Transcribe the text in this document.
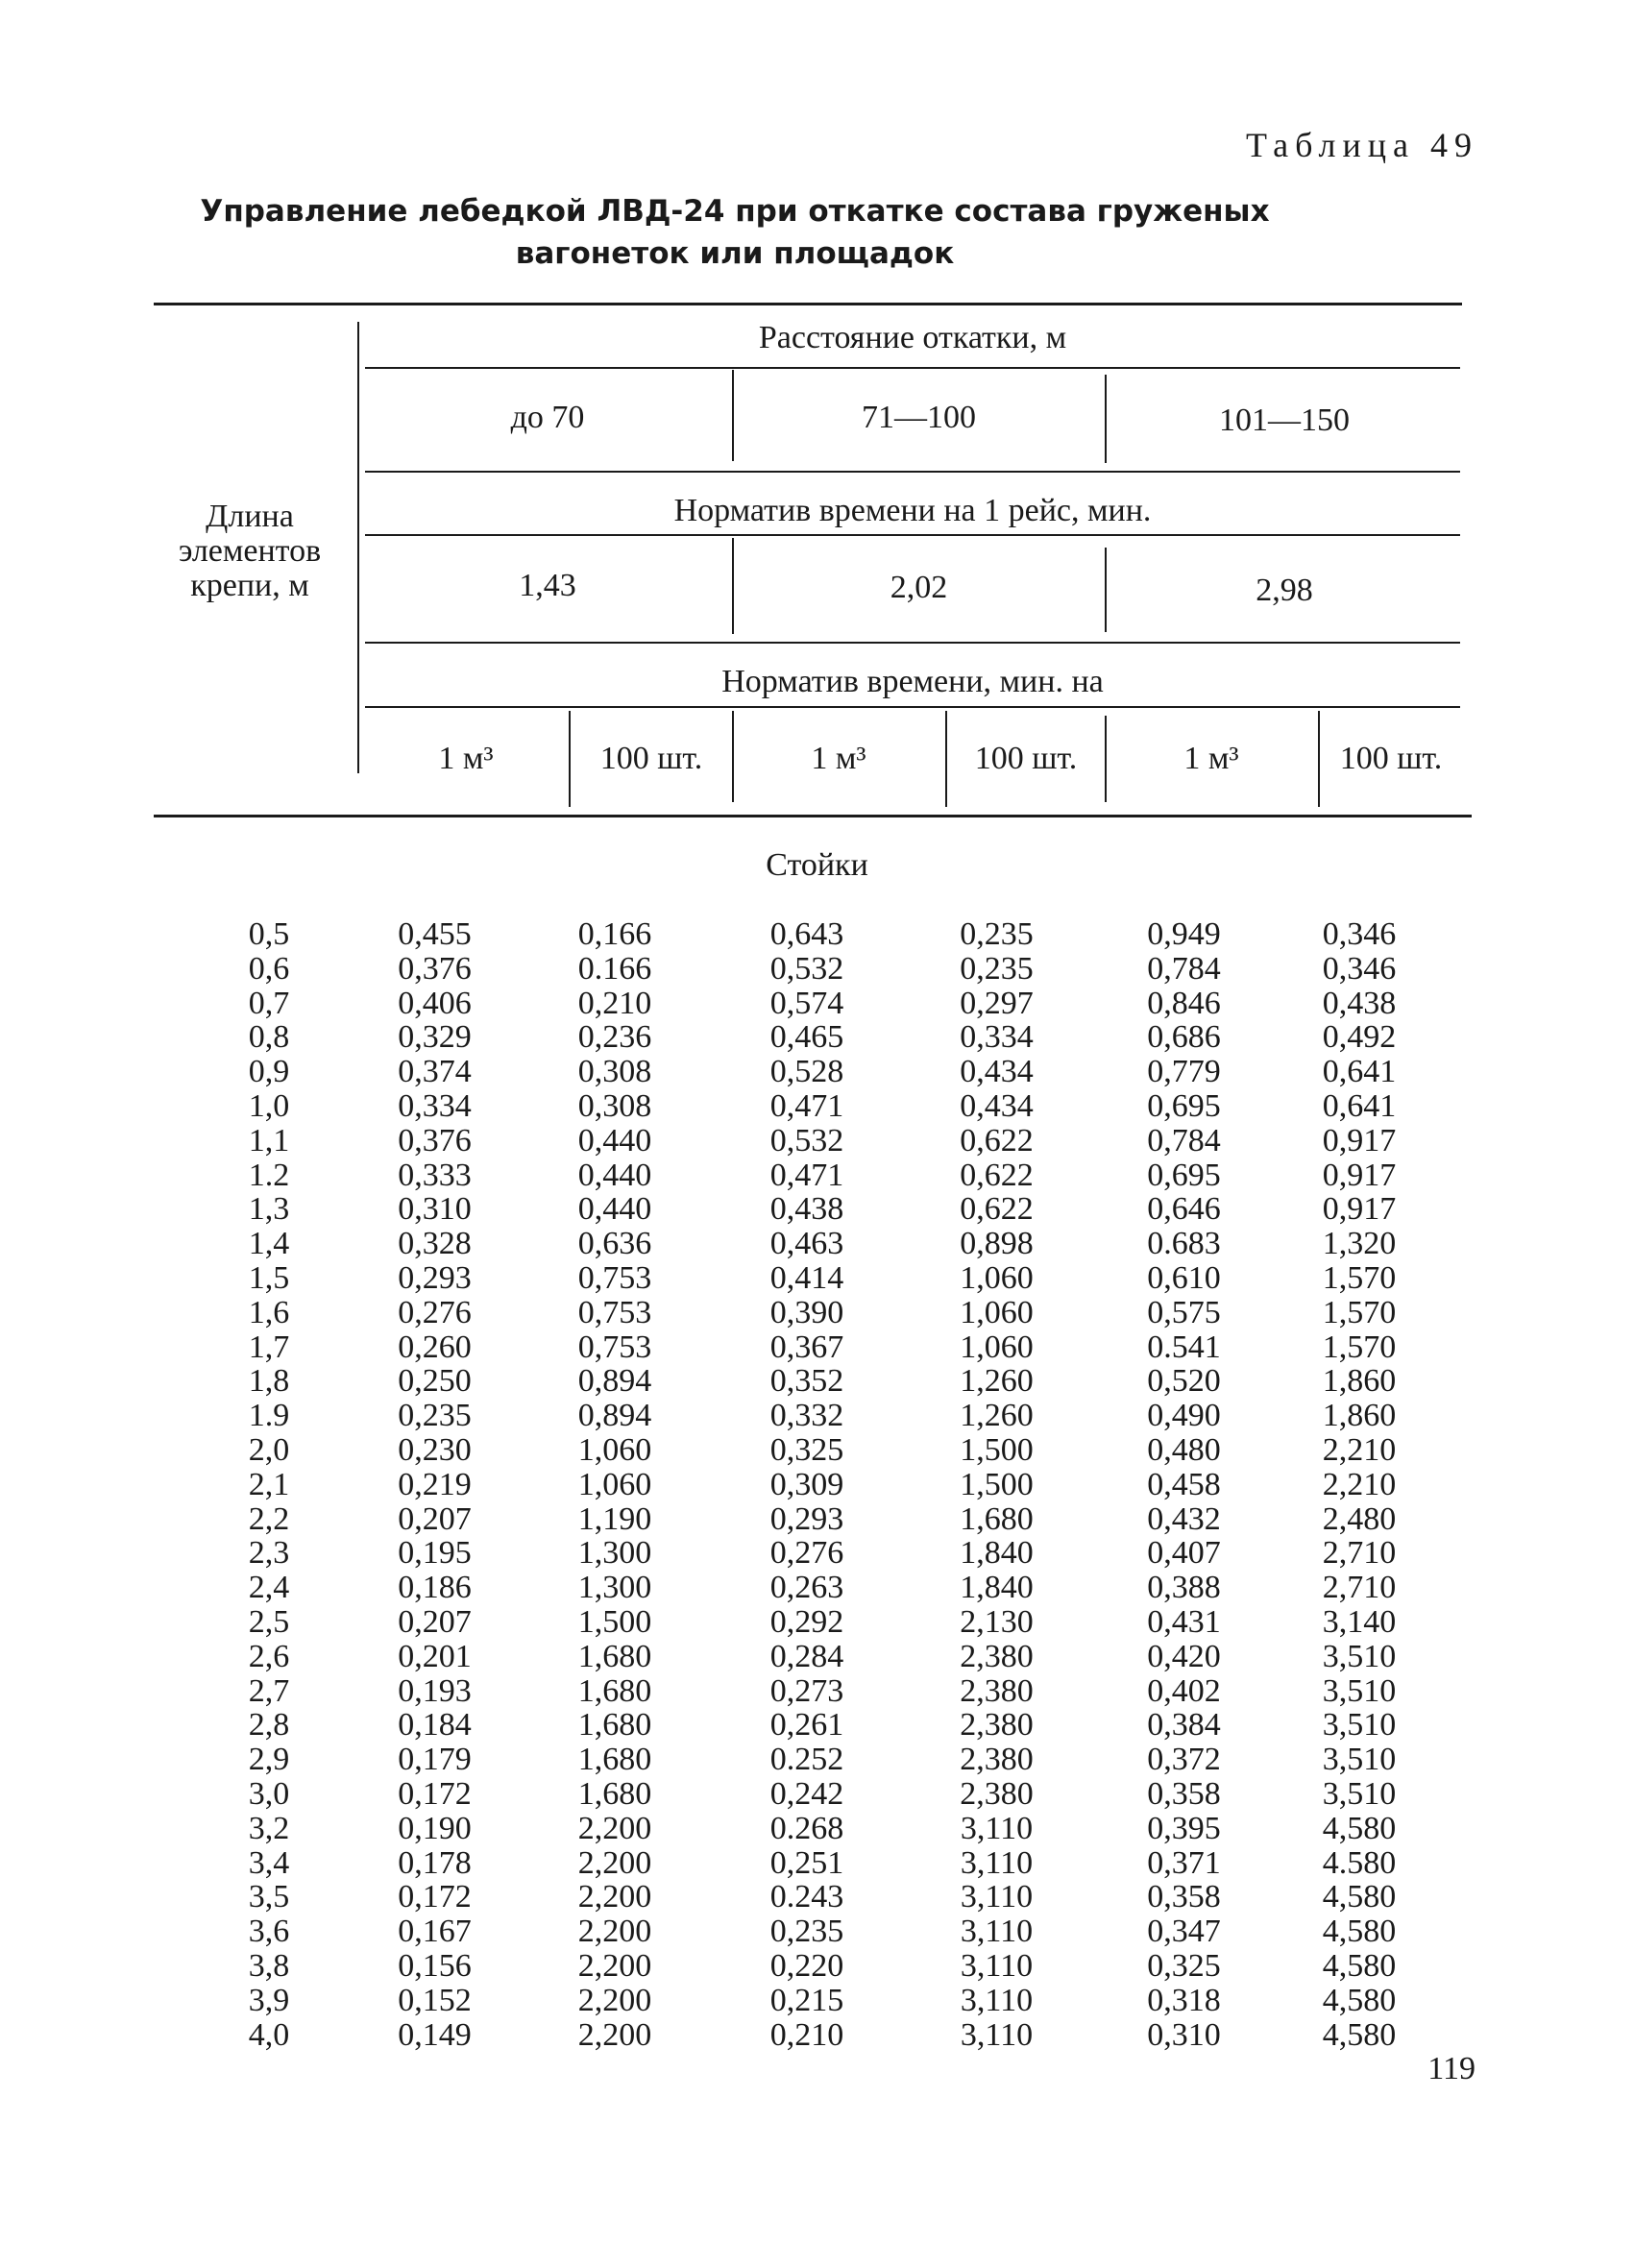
Таблица 49
Управление лебедкой ЛВД-24 при откатке состава груженых вагонеток или площадок
Длина элементов крепи, м
Расстояние откатки, м
до 70	71—100	101—150
Норматив времени на 1 рейс, мин.
1,43	2,02	2,98
Норматив времени, мин. на
1 м³	100 шт.	1 м³	100 шт.	1 м³	100 шт.
Стойки
0,5	0,455	0,166	0,643	0,235	0,949	0,346
0,6	0,376	0.166	0,532	0,235	0,784	0,346
0,7	0,406	0,210	0,574	0,297	0,846	0,438
0,8	0,329	0,236	0,465	0,334	0,686	0,492
0,9	0,374	0,308	0,528	0,434	0,779	0,641
1,0	0,334	0,308	0,471	0,434	0,695	0,641
1,1	0,376	0,440	0,532	0,622	0,784	0,917
1.2	0,333	0,440	0,471	0,622	0,695	0,917
1,3	0,310	0,440	0,438	0,622	0,646	0,917
1,4	0,328	0,636	0,463	0,898	0.683	1,320
1,5	0,293	0,753	0,414	1,060	0,610	1,570
1,6	0,276	0,753	0,390	1,060	0,575	1,570
1,7	0,260	0,753	0,367	1,060	0.541	1,570
1,8	0,250	0,894	0,352	1,260	0,520	1,860
1.9	0,235	0,894	0,332	1,260	0,490	1,860
2,0	0,230	1,060	0,325	1,500	0,480	2,210
2,1	0,219	1,060	0,309	1,500	0,458	2,210
2,2	0,207	1,190	0,293	1,680	0,432	2,480
2,3	0,195	1,300	0,276	1,840	0,407	2,710
2,4	0,186	1,300	0,263	1,840	0,388	2,710
2,5	0,207	1,500	0,292	2,130	0,431	3,140
2,6	0,201	1,680	0,284	2,380	0,420	3,510
2,7	0,193	1,680	0,273	2,380	0,402	3,510
2,8	0,184	1,680	0,261	2,380	0,384	3,510
2,9	0,179	1,680	0.252	2,380	0,372	3,510
3,0	0,172	1,680	0,242	2,380	0,358	3,510
3,2	0,190	2,200	0.268	3,110	0,395	4,580
3,4	0,178	2,200	0,251	3,110	0,371	4.580
3,5	0,172	2,200	0.243	3,110	0,358	4,580
3,6	0,167	2,200	0,235	3,110	0,347	4,580
3,8	0,156	2,200	0,220	3,110	0,325	4,580
3,9	0,152	2,200	0,215	3,110	0,318	4,580
4,0	0,149	2,200	0,210	3,110	0,310	4,580
119
